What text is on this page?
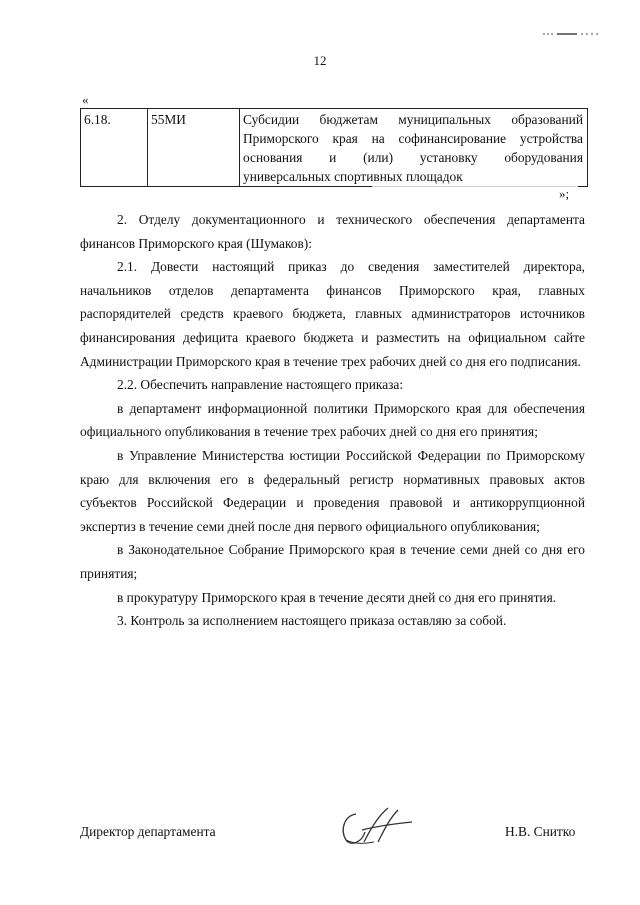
12
«
6.18.	55МИ	Субсидии бюджетам муниципальных образований
Приморского края на софинансирование устройства
основания и (или) установку оборудования
универсальных спортивных площадок
»;

2. Отделу документационного и технического обеспечения департамента финансов Приморского края (Шумаков):

2.1. Довести настоящий приказ до сведения заместителей директора, начальников отделов департамента финансов Приморского края, главных распорядителей средств краевого бюджета, главных администраторов источников финансирования дефицита краевого бюджета и разместить на официальном сайте Администрации Приморского края в течение трех рабочих дней со дня его подписания.

2.2. Обеспечить направление настоящего приказа:

в департамент информационной политики Приморского края для обеспечения официального опубликования в течение трех рабочих дней со дня его принятия;

в Управление Министерства юстиции Российской Федерации по Приморскому краю для включения его в федеральный регистр нормативных правовых актов субъектов Российской Федерации и проведения правовой и антикоррупционной экспертиз в течение семи дней после дня первого официального опубликования;

в Законодательное Собрание Приморского края в течение семи дней со дня его принятия;

в прокуратуру Приморского края в течение десяти дней со дня его принятия.

3. Контроль за исполнением настоящего приказа оставляю за собой.

Директор департамента	Н.В. Снитко
